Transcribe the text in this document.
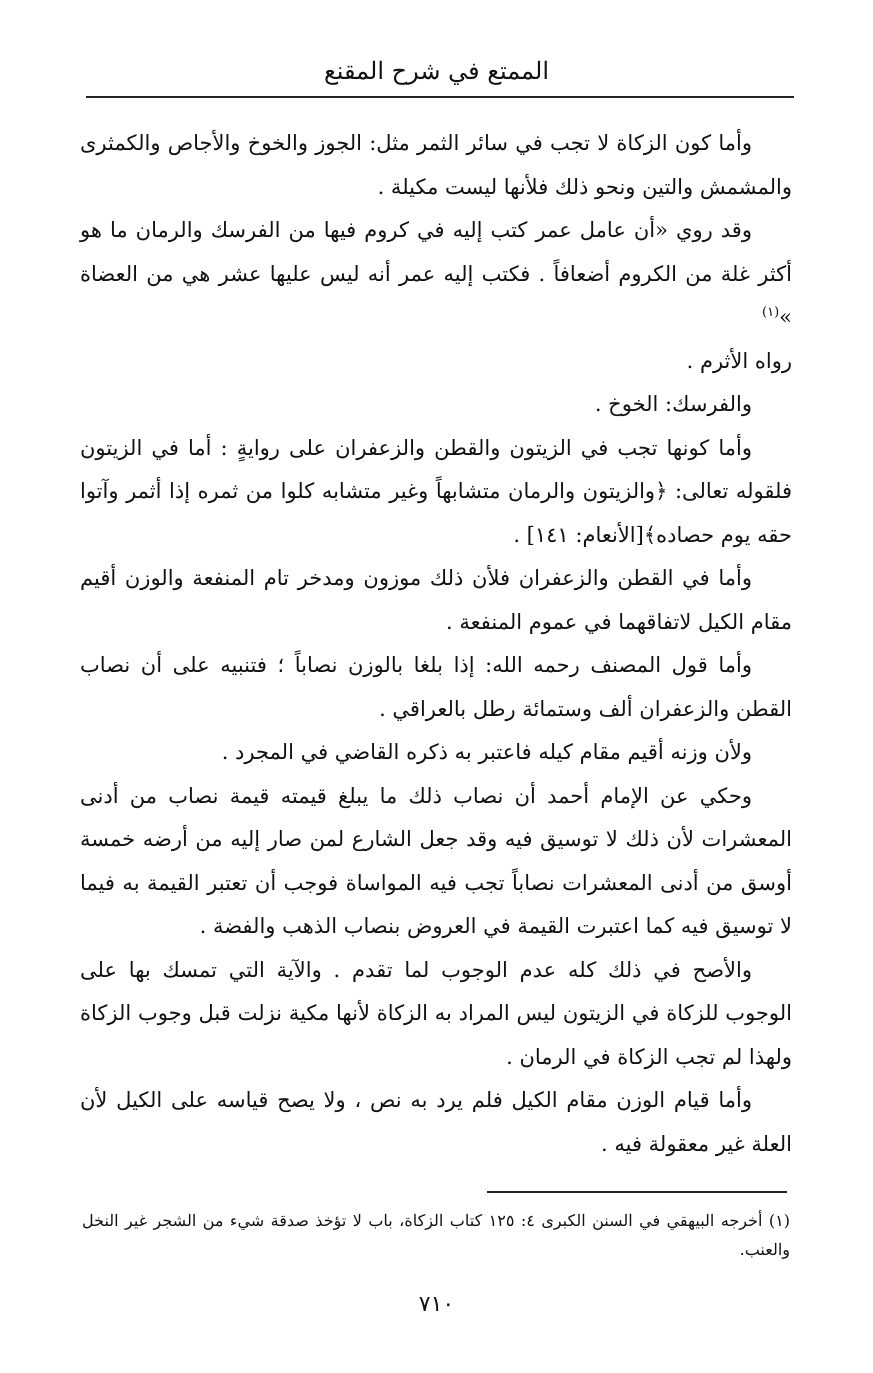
الممتع في شرح المقنع

وأما كون الزكاة لا تجب في سائر الثمر مثل: الجوز والخوخ والأجاص والكمثرى والمشمش والتين ونحو ذلك فلأنها ليست مكيلة .

وقد روي «أن عامل عمر كتب إليه في كروم فيها من الفرسك والرمان ما هو أكثر غلة من الكروم أضعافاً . فكتب إليه عمر أنه ليس عليها عشر هي من العضاة »$^{(١)}$

رواه الأثرم .

والفرسك: الخوخ .

وأما كونها تجب في الزيتون والقطن والزعفران على روايةٍ : أما في الزيتون فلقوله تعالى: ﴿والزيتون والرمان متشابهاً وغير متشابه كلوا من ثمره إذا أثمر وآتوا حقه يوم حصاده﴾[الأنعام: ١٤١] .

وأما في القطن والزعفران فلأن ذلك موزون ومدخر تام المنفعة والوزن أقيم مقام الكيل لاتفاقهما في عموم المنفعة .

وأما قول المصنف رحمه الله: إذا بلغا بالوزن نصاباً ؛ فتنبيه على أن نصاب القطن والزعفران ألف وستمائة رطل بالعراقي .

ولأن وزنه أقيم مقام كيله فاعتبر به ذكره القاضي في المجرد .

وحكي عن الإمام أحمد أن نصاب ذلك ما يبلغ قيمته قيمة نصاب من أدنى المعشرات لأن ذلك لا توسيق فيه وقد جعل الشارع لمن صار إليه من أرضه خمسة أوسق من أدنى المعشرات نصاباً تجب فيه المواساة فوجب أن تعتبر القيمة به فيما لا توسيق فيه كما اعتبرت القيمة في العروض بنصاب الذهب والفضة .

والأصح في ذلك كله عدم الوجوب لما تقدم . والآية التي تمسك بها على الوجوب للزكاة في الزيتون ليس المراد به الزكاة لأنها مكية نزلت قبل وجوب الزكاة ولهذا لم تجب الزكاة في الرمان .

وأما قيام الوزن مقام الكيل فلم يرد به نص ، ولا يصح قياسه على الكيل لأن العلة غير معقولة فيه .

(١) أخرجه البيهقي في السنن الكبرى ٤: ١٢٥ كتاب الزكاة، باب لا تؤخذ صدقة شيء من الشجر غير النخل والعنب.

٧١٠
